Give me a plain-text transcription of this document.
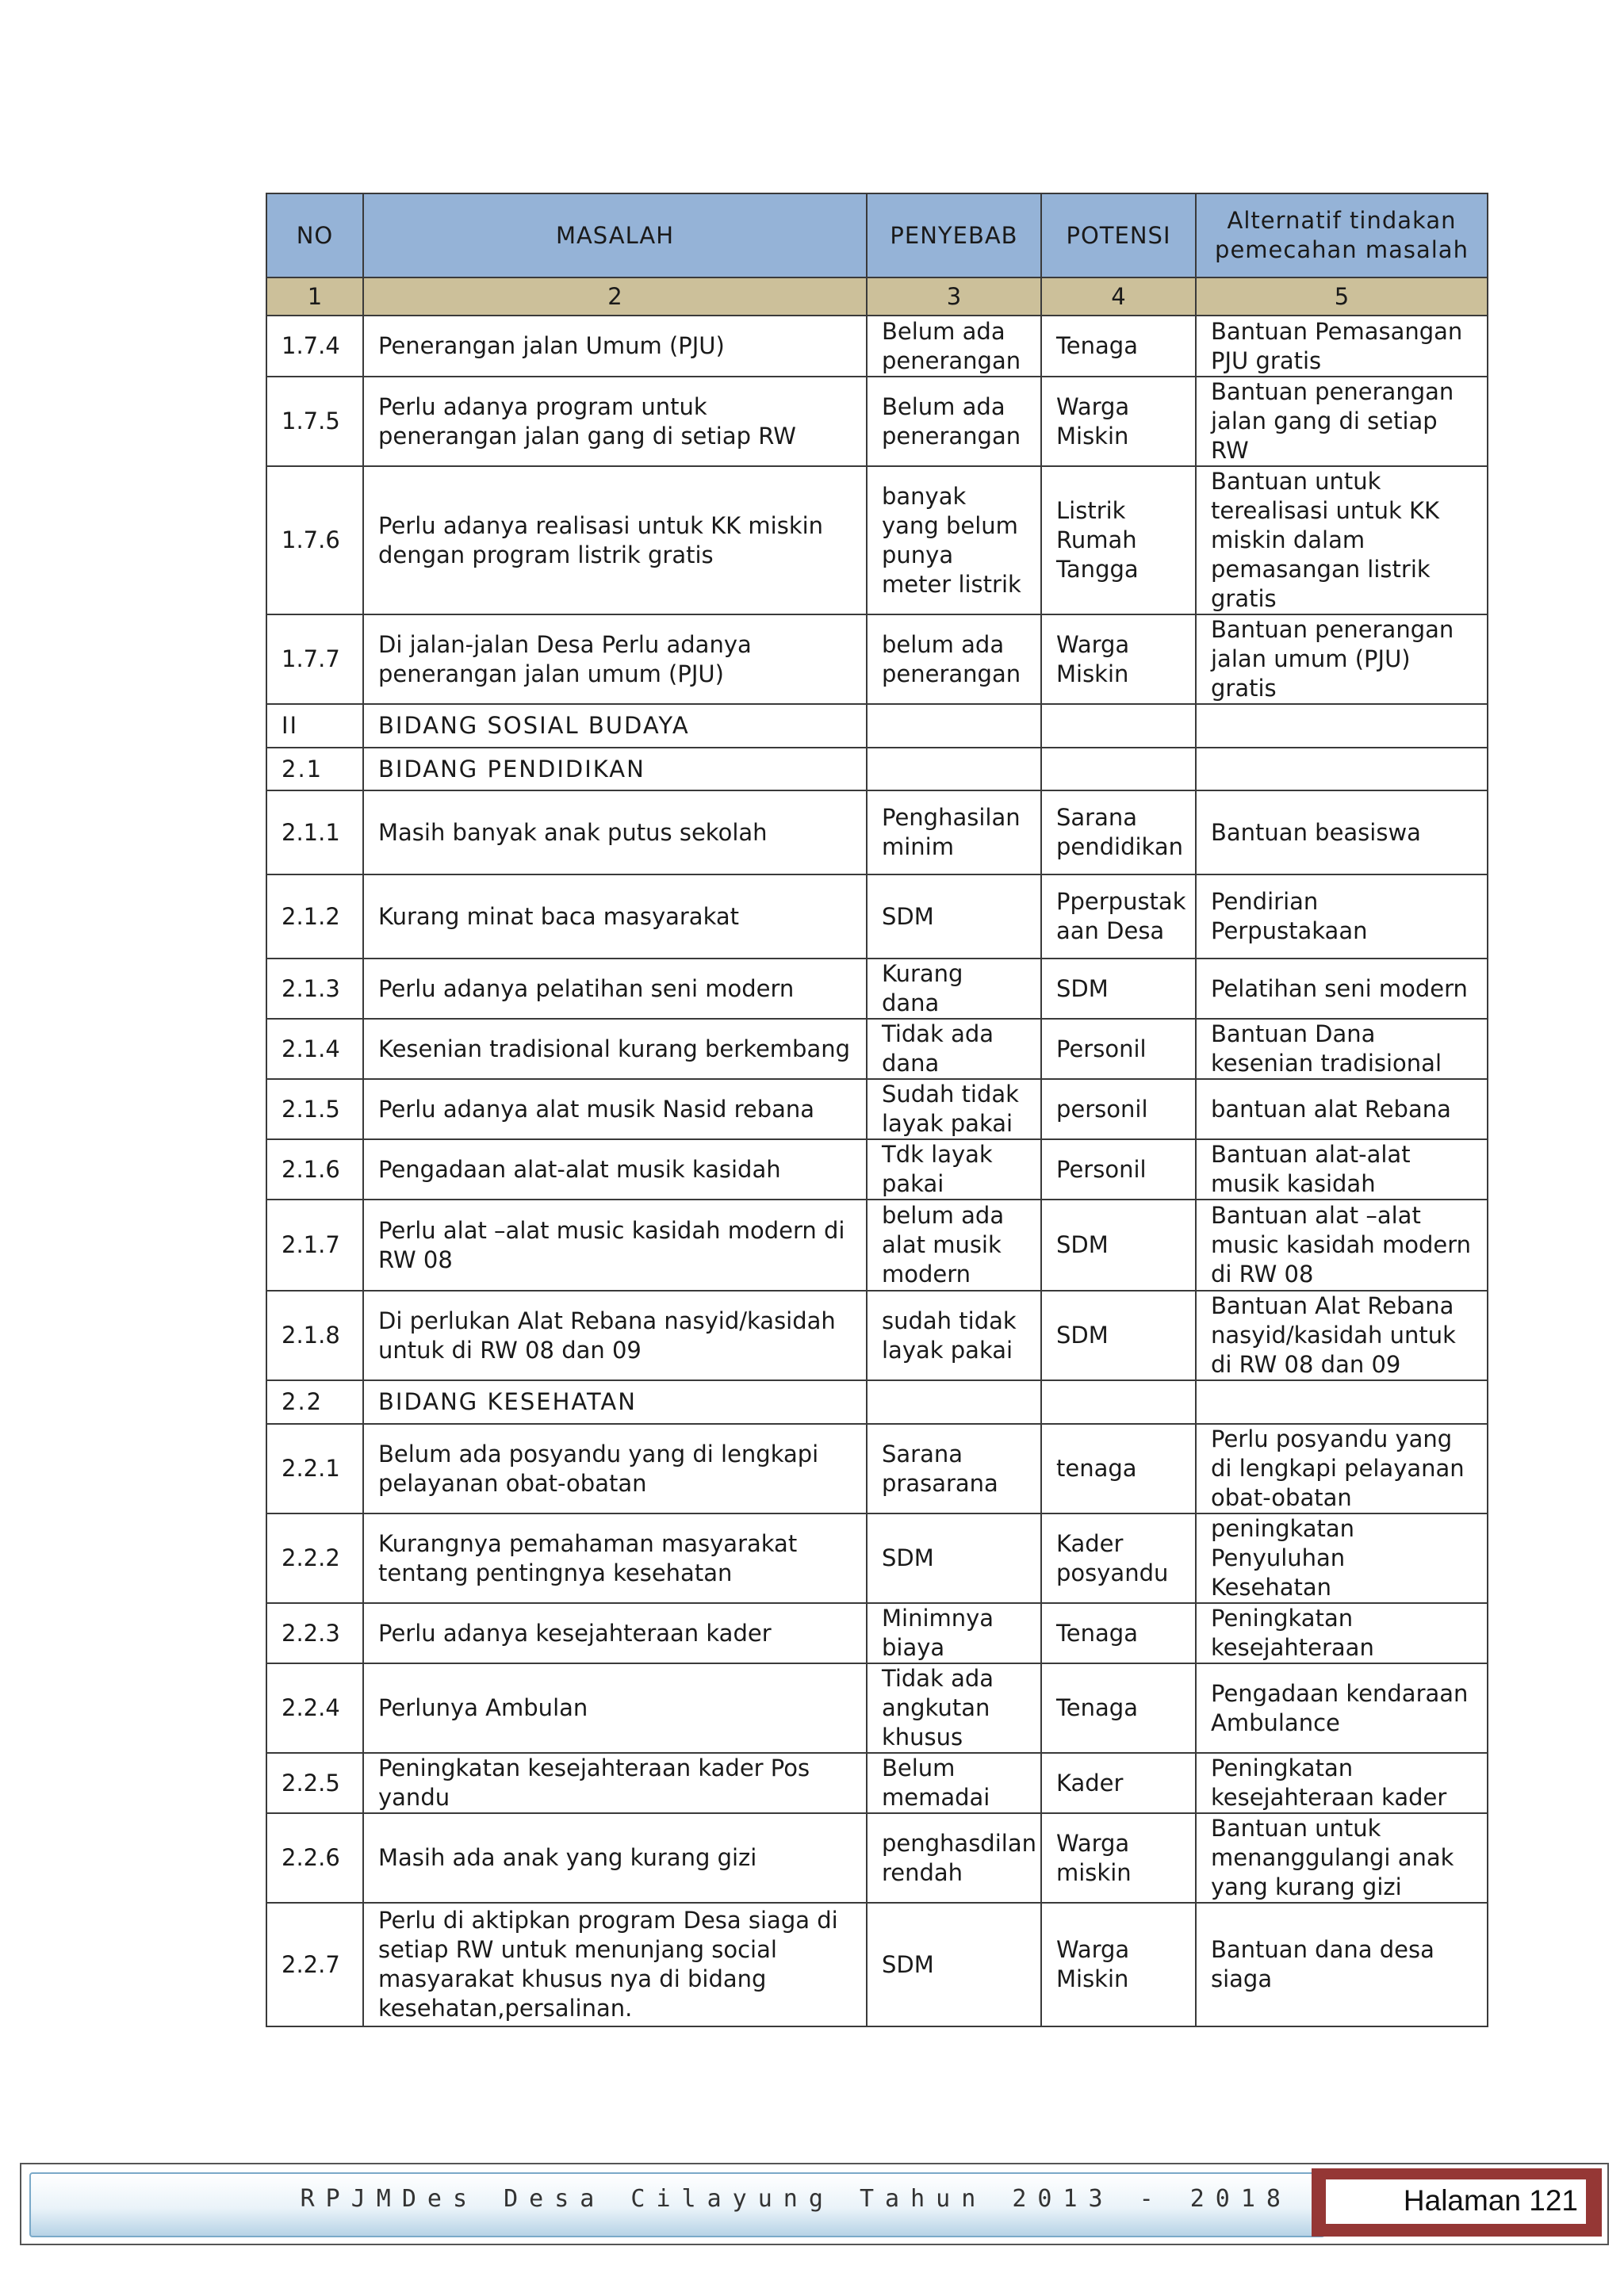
NO	MASALAH	PENYEBAB	POTENSI	Alternatif tindakan pemecahan masalah
1	2	3	4	5
1.7.4	Penerangan jalan Umum (PJU)	Belum ada penerangan	Tenaga	Bantuan Pemasangan PJU gratis
1.7.5	Perlu adanya program untuk penerangan jalan gang di setiap RW	Belum ada penerangan	Warga Miskin	Bantuan penerangan jalan gang di setiap RW
1.7.6	Perlu adanya realisasi untuk KK miskin dengan program listrik gratis	banyak yang belum punya meter listrik	Listrik Rumah Tangga	Bantuan untuk terealisasi untuk KK miskin dalam pemasangan listrik gratis
1.7.7	Di jalan-jalan Desa Perlu adanya penerangan jalan umum (PJU)	belum ada penerangan	Warga Miskin	Bantuan penerangan jalan umum (PJU) gratis
II	BIDANG SOSIAL BUDAYA			
2.1	BIDANG PENDIDIKAN			
2.1.1	Masih banyak anak putus sekolah	Penghasilan minim	Sarana pendidikan	Bantuan beasiswa
2.1.2	Kurang minat baca masyarakat	SDM	Pperpustak aan Desa	Pendirian Perpustakaan
2.1.3	Perlu adanya pelatihan seni modern	Kurang dana	SDM	Pelatihan seni modern
2.1.4	Kesenian tradisional kurang berkembang	Tidak ada dana	Personil	Bantuan Dana kesenian tradisional
2.1.5	Perlu adanya alat musik Nasid rebana	Sudah tidak layak pakai	personil	bantuan alat Rebana
2.1.6	Pengadaan alat-alat musik kasidah	Tdk layak pakai	Personil	Bantuan alat-alat musik kasidah
2.1.7	Perlu alat –alat music kasidah modern di RW 08	belum ada alat musik modern	SDM	Bantuan alat –alat music kasidah modern di RW 08
2.1.8	Di perlukan Alat Rebana nasyid/kasidah untuk di RW 08 dan 09	sudah tidak layak pakai	SDM	Bantuan Alat Rebana nasyid/kasidah untuk di RW 08 dan 09
2.2	BIDANG KESEHATAN			
2.2.1	Belum ada posyandu yang di lengkapi pelayanan obat-obatan	Sarana prasarana	tenaga	Perlu posyandu yang di lengkapi pelayanan obat-obatan
2.2.2	Kurangnya pemahaman masyarakat tentang pentingnya kesehatan	SDM	Kader posyandu	peningkatan Penyuluhan Kesehatan
2.2.3	Perlu adanya kesejahteraan kader	Minimnya biaya	Tenaga	Peningkatan kesejahteraan
2.2.4	Perlunya Ambulan	Tidak ada angkutan khusus	Tenaga	Pengadaan kendaraan Ambulance
2.2.5	Peningkatan kesejahteraan kader Pos yandu	Belum memadai	Kader	Peningkatan kesejahteraan kader
2.2.6	Masih ada anak yang kurang gizi	penghasdilan rendah	Warga miskin	Bantuan untuk menanggulangi anak yang kurang gizi
2.2.7	Perlu di aktipkan program Desa siaga di setiap RW untuk menunjang social masyarakat khusus nya di bidang kesehatan,persalinan.	SDM	Warga Miskin	Bantuan dana desa siaga
RPJMDes Desa Cilayung Tahun 2013 - 2018	Halaman 121
